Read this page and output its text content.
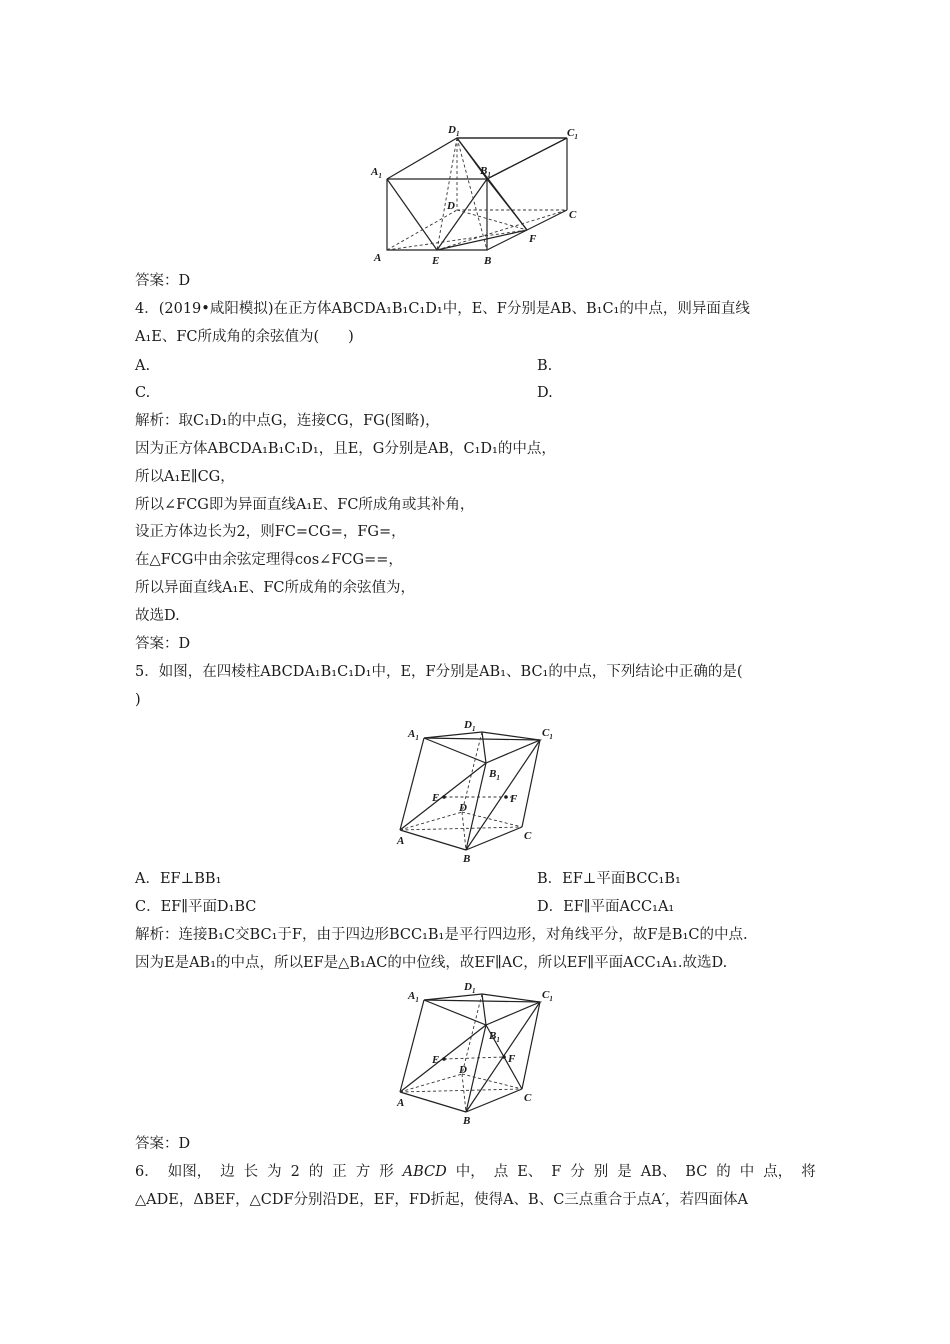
$A_1$
$D_1$	$C_1$
$B_1$
D
C
F
A	E	B
答案：D
4．(2019•咸阳模拟)在正方体ABCDA₁B₁C₁D₁中，E、F分别是AB、B₁C₁的中点，则异面直线
A₁E、FC所成角的余弦值为(　　)
A.	B.
C.	D.
解析：取C₁D₁的中点G，连接CG，FG(图略)，
因为正方体ABCDA₁B₁C₁D₁，且E，G分别是AB，C₁D₁的中点，
所以A₁E∥CG，
所以∠FCG即为异面直线A₁E、FC所成角或其补角，
设正方体边长为2，则FC=CG=，FG=，
在△FCG中由余弦定理得cos∠FCG==，
所以异面直线A₁E、FC所成角的余弦值为，
故选D.
答案：D
5．如图，在四棱柱ABCDA₁B₁C₁D₁中，E，F分别是AB₁、BC₁的中点，下列结论中正确的是(
)
$D_1$
$A_1$	$C_1$
$B_1$
E	F
D
C
A
B
A．EF⊥BB₁	B．EF⊥平面BCC₁B₁
C．EF∥平面D₁BC	D．EF∥平面ACC₁A₁
解析：连接B₁C交BC₁于F，由于四边形BCC₁B₁是平行四边形，对角线平分，故F是B₁C的中点.
因为E是AB₁的中点，所以EF是△B₁AC的中位线，故EF∥AC，所以EF∥平面ACC₁A₁.故选D.
$D_1$
$A_1$	$C_1$
$B_1$
E	F
D
C
A
B
答案：D
6． 如图， 边 长 为 2 的 正 方 形 ABCD 中， 点 E、 F 分 别 是 AB、 BC 的 中 点， 将
△ADE，ΔBEF，△CDF分别沿DE，EF，FD折起，使得A、B、C三点重合于点A′，若四面体A
